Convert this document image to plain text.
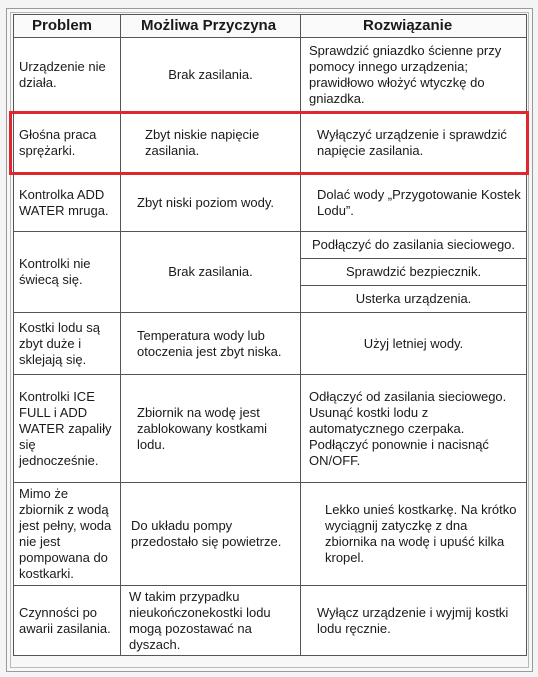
Problem	Możliwa Przyczyna	Rozwiązanie
Urządzenie nie działa.	Brak zasilania.	Sprawdzić gniazdko ścienne przy pomocy innego urządzenia; prawidłowo włożyć wtyczkę do gniazdka.
Głośna praca sprężarki.	Zbyt niskie napięcie zasilania.	Wyłączyć urządzenie i sprawdzić napięcie zasilania.
Kontrolka ADD WATER mruga.	Zbyt niski poziom wody.	Dolać wody „Przygotowanie Kostek Lodu”.
Kontrolki nie świecą się.	Brak zasilania.	Podłączyć do zasilania sieciowego.
		Sprawdzić bezpiecznik.
		Usterka urządzenia.
Kostki lodu są zbyt duże i sklejają się.	Temperatura wody lub otoczenia jest zbyt niska.	Użyj letniej wody.
Kontrolki ICE FULL i ADD WATER zapaliły się jednocześnie.	Zbiornik na wodę jest zablokowany kostkami lodu.	Odłączyć od zasilania sieciowego. Usunąć kostki lodu z automatycznego czerpaka. Podłączyć ponownie i nacisnąć ON/OFF.
Mimo że zbiornik z wodą jest pełny, woda nie jest pompowana do kostkarki.	Do układu pompy przedostało się powietrze.	Lekko unieś kostkarkę. Na krótko wyciągnij zatyczkę z dna zbiornika na wodę i upuść kilka kropel.
Czynności po awarii zasilania.	W takim przypadku nieukończonekostki lodu mogą pozostawać na dyszach.	Wyłącz urządzenie i wyjmij kostki lodu ręcznie.
